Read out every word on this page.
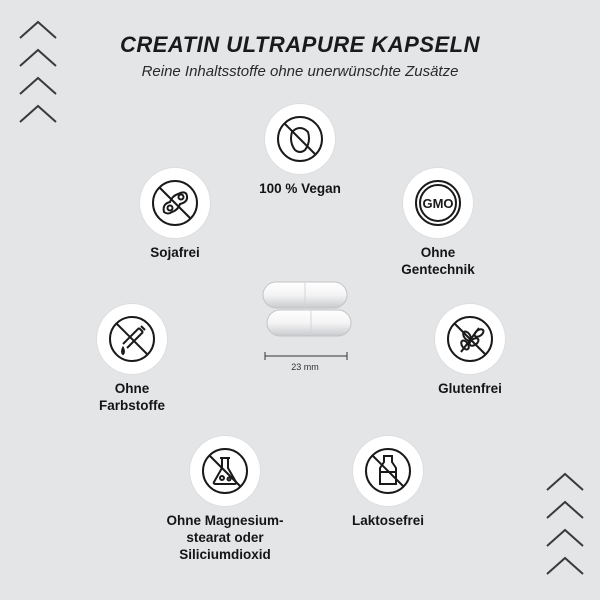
CREATIN ULTRAPURE KAPSELN
Reine Inhaltsstoffe ohne unerwünschte Zusätze
100 % Vegan
Sojafrei
GMO
Ohne
Gentechnik
Ohne
Farbstoffe
Glutenfrei
Ohne Magnesium-
stearat oder
Siliciumdioxid
Laktosefrei
23 mm
